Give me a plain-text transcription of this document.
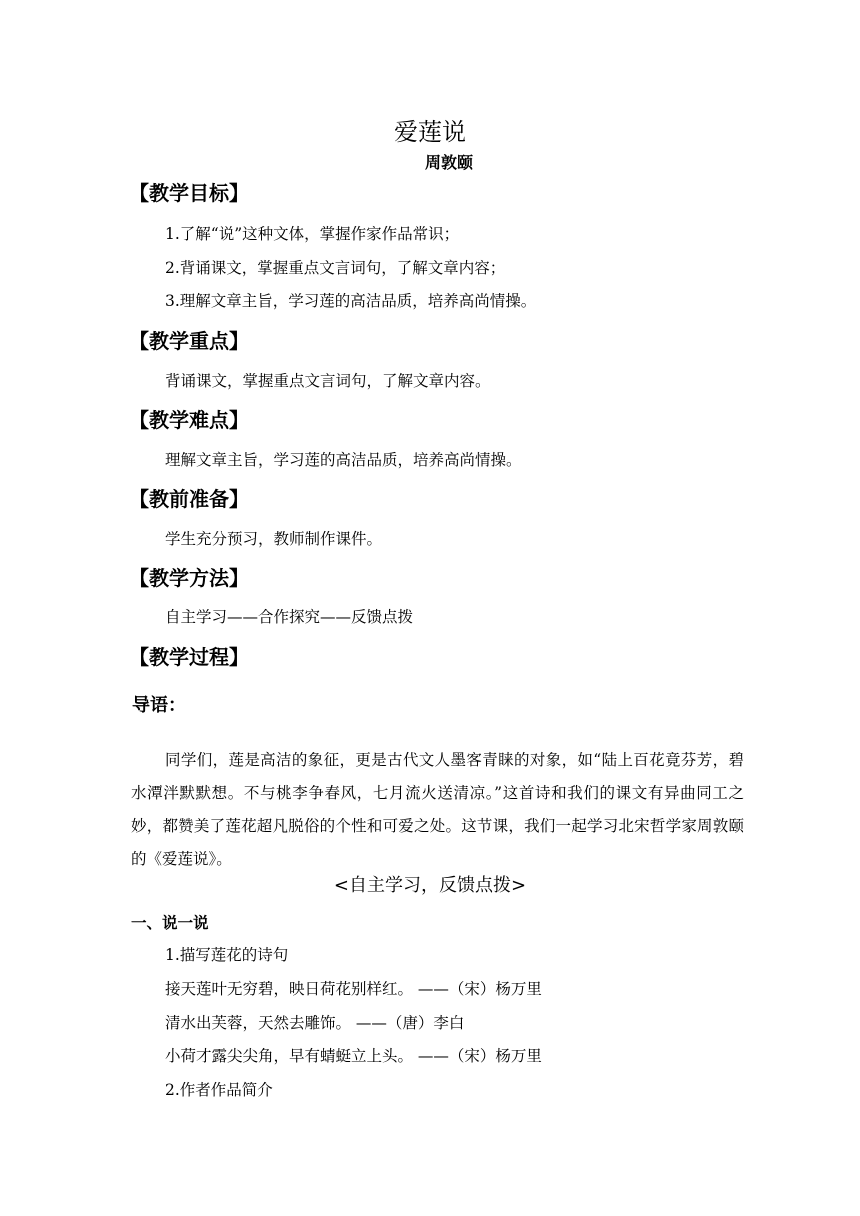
爱莲说
周敦颐
【教学目标】
1.了解“说”这种文体，掌握作家作品常识；
2.背诵课文，掌握重点文言词句，了解文章内容；
3.理解文章主旨，学习莲的高洁品质，培养高尚情操。
【教学重点】
背诵课文，掌握重点文言词句，了解文章内容。
【教学难点】
理解文章主旨，学习莲的高洁品质，培养高尚情操。
【教前准备】
学生充分预习，教师制作课件。
【教学方法】
自主学习——合作探究——反馈点拨
【教学过程】
导语：
同学们，莲是高洁的象征，更是古代文人墨客青睐的对象，如“陆上百花竟芬芳，碧水潭泮默默想。不与桃李争春风，七月流火送清凉。”这首诗和我们的课文有异曲同工之妙，都赞美了莲花超凡脱俗的个性和可爱之处。这节课，我们一起学习北宋哲学家周敦颐的《爱莲说》。
<自主学习，反馈点拨>
一、说一说
1.描写莲花的诗句
接天莲叶无穷碧，映日荷花别样红。 ——（宋）杨万里
清水出芙蓉，天然去雕饰。 ——（唐）李白
小荷才露尖尖角，早有蜻蜓立上头。 ——（宋）杨万里
2.作者作品简介
